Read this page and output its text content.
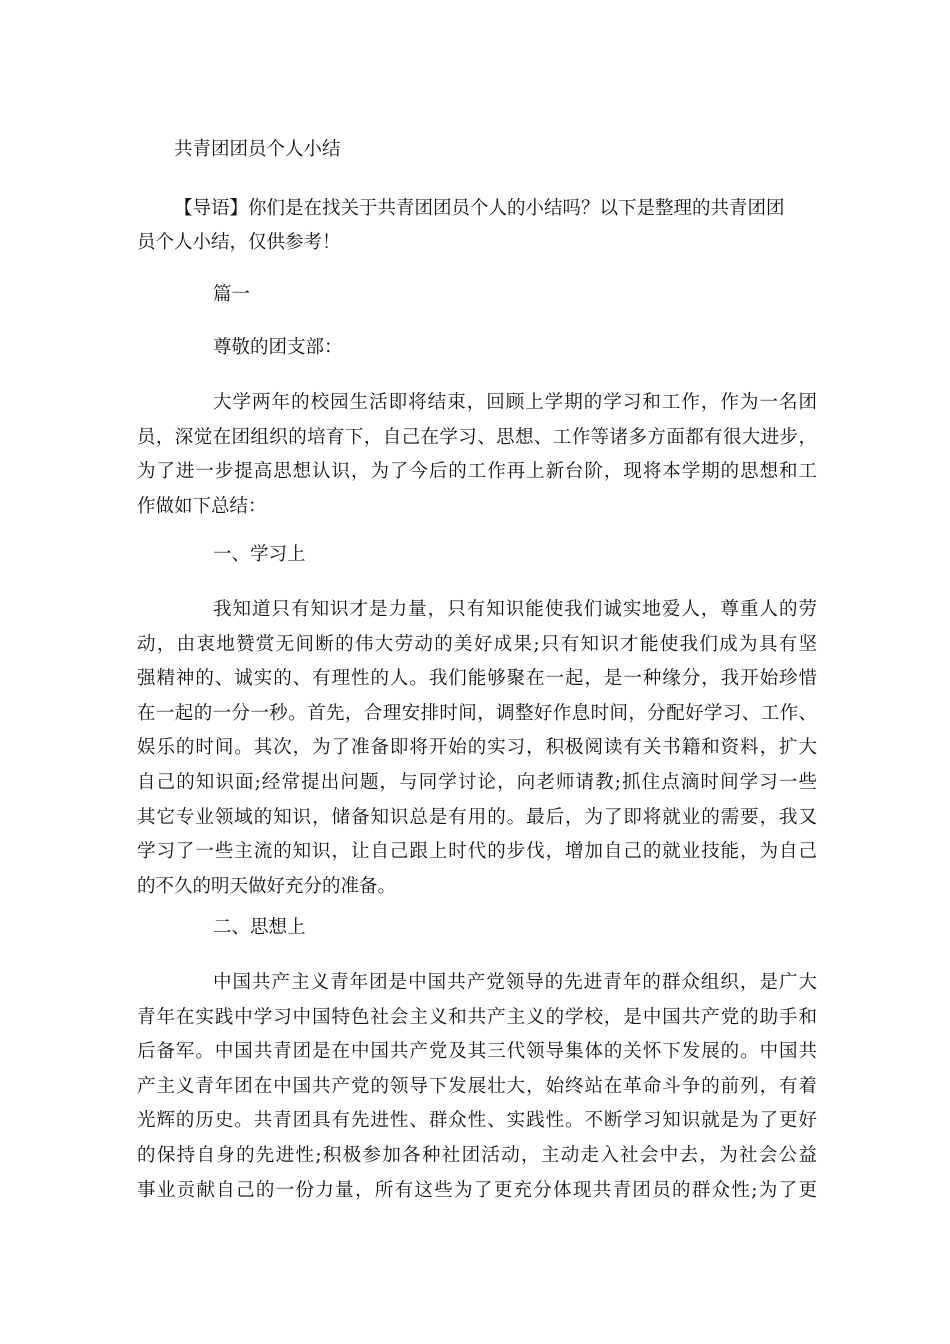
共青团团员个人小结
【导语】你们是在找关于共青团团员个人的小结吗？以下是整理的共青团团
员个人小结，仅供参考！
篇一
尊敬的团支部：
大学两年的校园生活即将结束，回顾上学期的学习和工作，作为一名团
员，深觉在团组织的培育下，自己在学习、思想、工作等诸多方面都有很大进步，
为了进一步提高思想认识，为了今后的工作再上新台阶，现将本学期的思想和工
作做如下总结：
一、学习上
我知道只有知识才是力量，只有知识能使我们诚实地爱人，尊重人的劳
动，由衷地赞赏无间断的伟大劳动的美好成果;只有知识才能使我们成为具有坚
强精神的、诚实的、有理性的人。我们能够聚在一起，是一种缘分，我开始珍惜
在一起的一分一秒。首先，合理安排时间，调整好作息时间，分配好学习、工作、
娱乐的时间。其次，为了准备即将开始的实习，积极阅读有关书籍和资料，扩大
自己的知识面;经常提出问题，与同学讨论，向老师请教;抓住点滴时间学习一些
其它专业领域的知识，储备知识总是有用的。最后，为了即将就业的需要，我又
学习了一些主流的知识，让自己跟上时代的步伐，增加自己的就业技能，为自己
的不久的明天做好充分的准备。
二、思想上
中国共产主义青年团是中国共产党领导的先进青年的群众组织，是广大
青年在实践中学习中国特色社会主义和共产主义的学校，是中国共产党的助手和
后备军。中国共青团是在中国共产党及其三代领导集体的关怀下发展的。中国共
产主义青年团在中国共产党的领导下发展壮大，始终站在革命斗争的前列，有着
光辉的历史。共青团具有先进性、群众性、实践性。不断学习知识就是为了更好
的保持自身的先进性;积极参加各种社团活动，主动走入社会中去，为社会公益
事业贡献自己的一份力量，所有这些为了更充分体现共青团员的群众性;为了更
